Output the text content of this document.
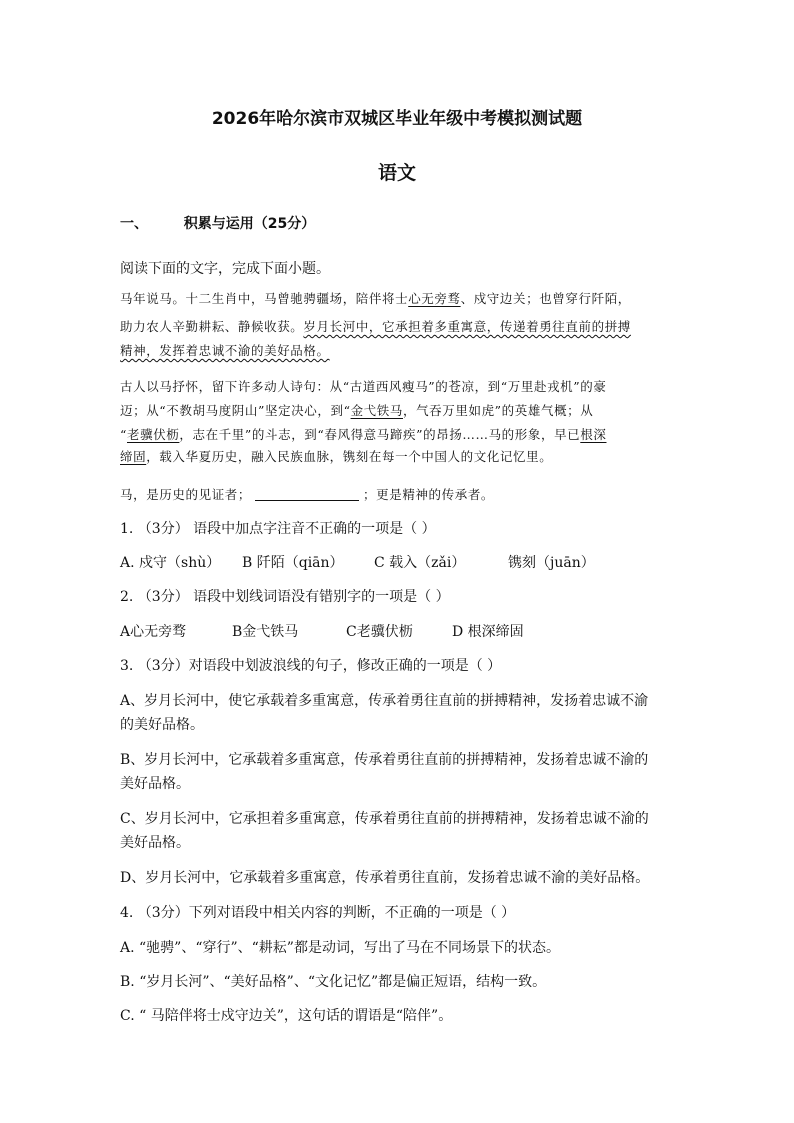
2026年哈尔滨市双城区毕业年级中考模拟测试题
语文
一、	积累与运用（25分）
阅读下面的文字，完成下面小题。
马年说马。十二生肖中，马曾驰骋疆场，陪伴将士心无旁骛、戍守边关；也曾穿行阡陌，
助力农人辛勤耕耘、静候收获。岁月长河中，它承担着多重寓意，传递着勇往直前的拼搏
精神，发挥着忠诚不渝的美好品格。
古人以马抒怀，留下许多动人诗句：从“古道西风瘦马”的苍凉，到“万里赴戎机”的豪
迈；从“不教胡马度阴山”坚定决心，到“金弋铁马，气吞万里如虎”的英雄气概；从
“老骥伏枥，志在千里”的斗志，到“春风得意马蹄疾”的昂扬……马的形象，早已根深
缔固，载入华夏历史，融入民族血脉，镌刻在每一个中国人的文化记忆里。
马，是历史的见证者；	；更是精神的传承者。
1. （3分） 语段中加点字注音不正确的一项是（ ）
A. 戍守（shù） B 阡陌（qiān） C 载入（zǎi）	镌刻（juān）
2. （3分） 语段中划线词语没有错别字的一项是（ ）
A心无旁骛	B金弋铁马	C老骥伏枥	D 根深缔固
3. （3分）对语段中划波浪线的句子，修改正确的一项是（ ）
A、岁月长河中，使它承载着多重寓意，传承着勇往直前的拼搏精神，发扬着忠诚不渝
的美好品格。
B、岁月长河中，它承载着多重寓意，传承着勇往直前的拼搏精神，发扬着忠诚不渝的
美好品格。
C、岁月长河中，它承担着多重寓意，传承着勇往直前的拼搏精神，发扬着忠诚不渝的
美好品格。
D、岁月长河中，它承载着多重寓意，传承着勇往直前，发扬着忠诚不渝的美好品格。
4. （3分）下列对语段中相关内容的判断，不正确的一项是（ ）
A. “驰骋”、“穿行”、“耕耘”都是动词，写出了马在不同场景下的状态。
B. “岁月长河”、“美好品格”、“文化记忆”都是偏正短语，结构一致。
C. “ 马陪伴将士戍守边关”，这句话的谓语是“陪伴”。
